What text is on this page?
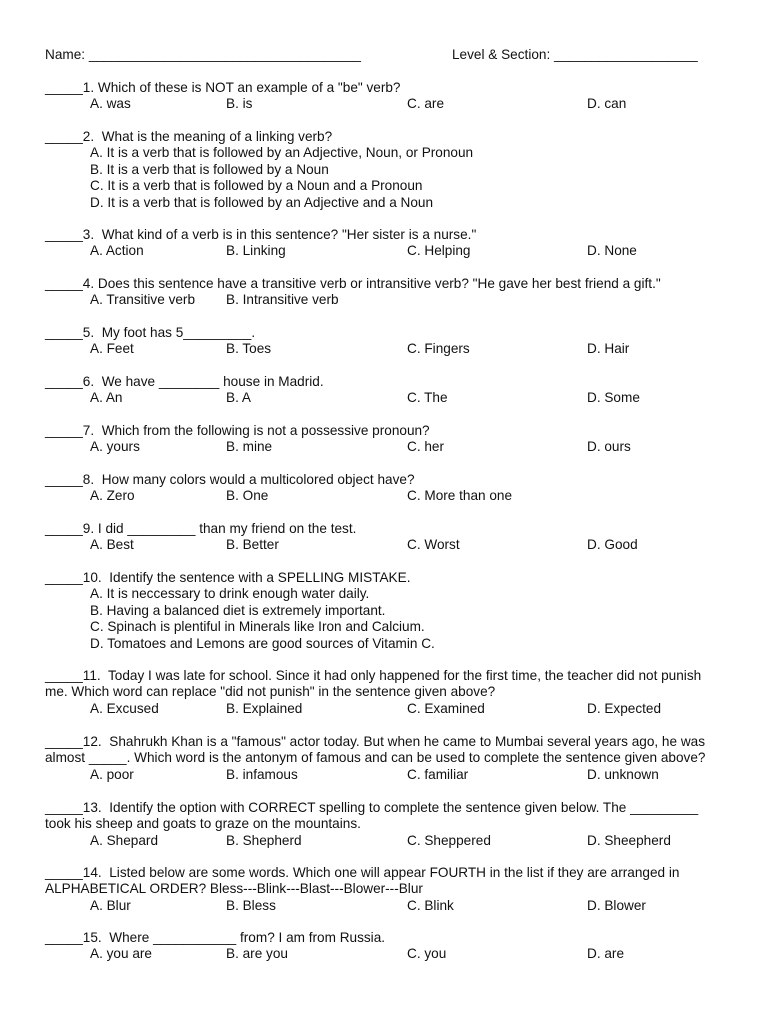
Name: ____________________________________	Level & Section: ___________________
_____1. Which of these is NOT an example of a "be" verb?
A. was	B. is	C. are	D. can
_____2.  What is the meaning of a linking verb?
A. It is a verb that is followed by an Adjective, Noun, or Pronoun
B. It is a verb that is followed by a Noun
C. It is a verb that is followed by a Noun and a Pronoun
D. It is a verb that is followed by an Adjective and a Noun
_____3.  What kind of a verb is in this sentence? "Her sister is a nurse."
A. Action	B. Linking	C. Helping	D. None
_____4. Does this sentence have a transitive verb or intransitive verb? "He gave her best friend a gift."
A. Transitive verb B. Intransitive verb
_____5.  My foot has 5_________.
A. Feet	B. Toes	C. Fingers	D. Hair
_____6.  We have ________ house in Madrid.
A. An	B. A	C. The	D. Some
_____7.  Which from the following is not a possessive pronoun?
A. yours	B. mine	C. her	D. ours
_____8.  How many colors would a multicolored object have?
A. Zero	B. One	C. More than one
_____9. I did _________ than my friend on the test.
A. Best	B. Better	C. Worst	D. Good
_____10.  Identify the sentence with a SPELLING MISTAKE.
A. It is neccessary to drink enough water daily.
B. Having a balanced diet is extremely important.
C. Spinach is plentiful in Minerals like Iron and Calcium.
D. Tomatoes and Lemons are good sources of Vitamin C.
_____11.  Today I was late for school. Since it had only happened for the first time, the teacher did not punish
me. Which word can replace "did not punish" in the sentence given above?
A. Excused	B. Explained	C. Examined	D. Expected
_____12.  Shahrukh Khan is a "famous" actor today. But when he came to Mumbai several years ago, he was
almost _____. Which word is the antonym of famous and can be used to complete the sentence given above?
A. poor	B. infamous	C. familiar	D. unknown
_____13.  Identify the option with CORRECT spelling to complete the sentence given below. The _________
took his sheep and goats to graze on the mountains.
A. Shepard	B. Shepherd	C. Sheppered	D. Sheepherd
_____14.  Listed below are some words. Which one will appear FOURTH in the list if they are arranged in
ALPHABETICAL ORDER? Bless---Blink---Blast---Blower---Blur
A. Blur	B. Bless	C. Blink	D. Blower
_____15.  Where ___________ from? I am from Russia.
A. you are	B. are you	C. you	D. are
